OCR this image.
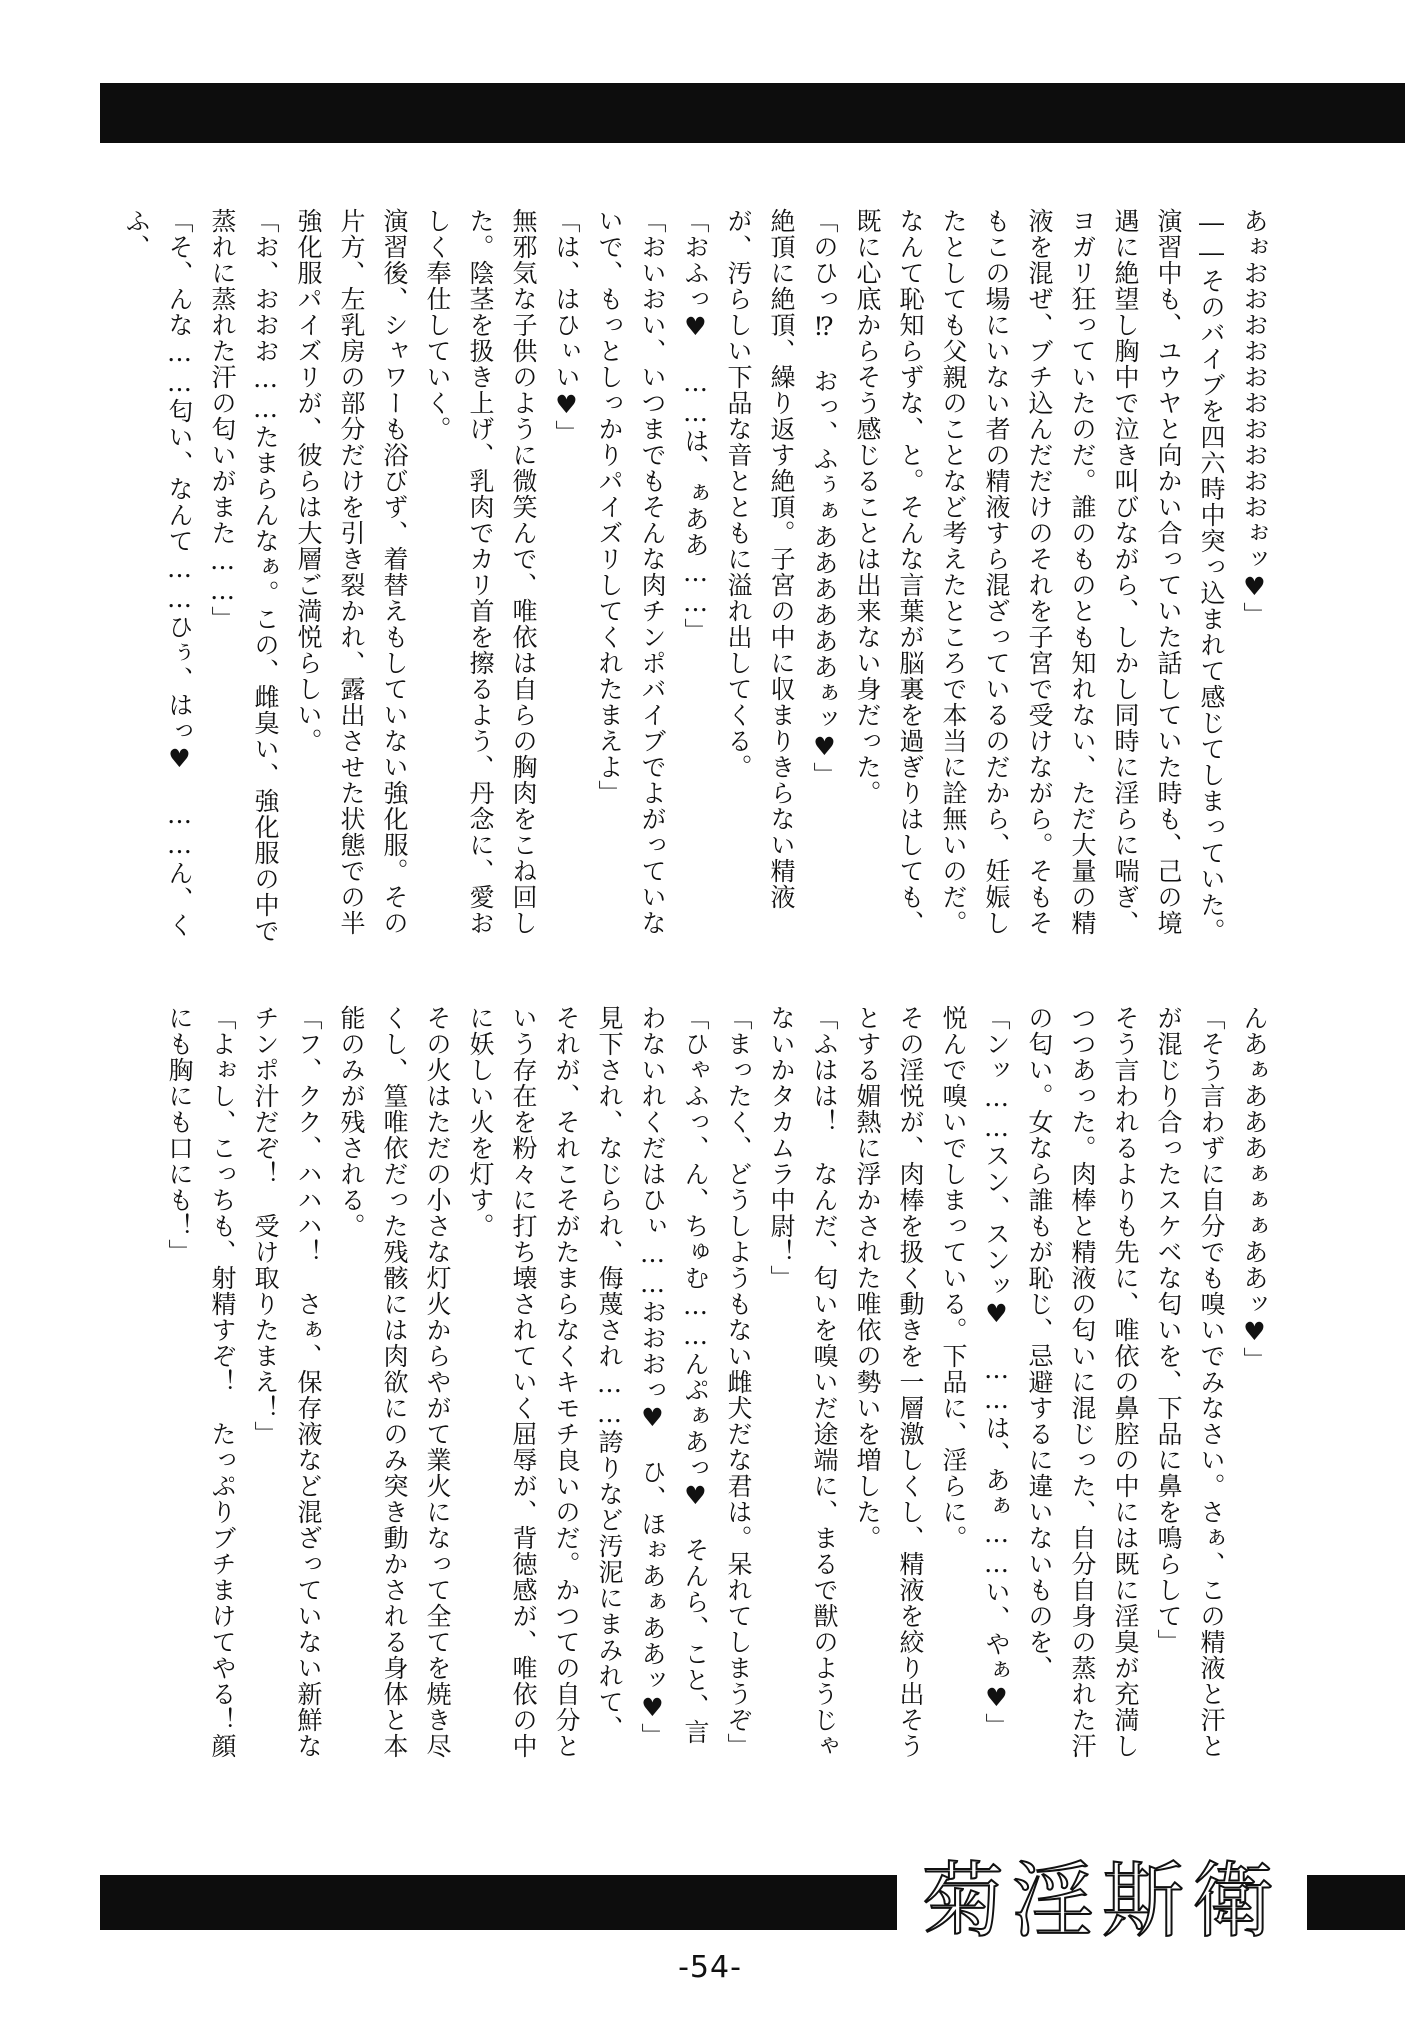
あぉおおおおおおおおおおぉッ♥」

――そのバイブを四六時中突っ込まれて感じてしまっていた。

演習中も、ユウヤと向かい合っていた話していた時も、己の境遇に絶望し胸中で泣き叫びながら、しかし同時に淫らに喘ぎ、ヨガリ狂っていたのだ。誰のものとも知れない、ただ大量の精液を混ぜ、ブチ込んだだけのそれを子宮で受けながら。そもそもこの場にいない者の精液すら混ざっているのだから、妊娠したとしても父親のことなど考えたところで本当に詮無いのだ。

なんて恥知らずな、と。そんな言葉が脳裏を過ぎりはしても、既に心底からそう感じることは出来ない身だった。

「のひっ⁉　おっ、ふぅぁああああああぁッ♥」

絶頂に絶頂、繰り返す絶頂。子宮の中に収まりきらない精液が、汚らしい下品な音とともに溢れ出してくる。

「おふっ♥　……は、ぁああ……」

「おいおい、いつまでもそんな肉チンポバイブでよがっていないで、もっとしっかりパイズリしてくれたまえよ」

「は、はひぃい♥」

無邪気な子供のように微笑んで、唯依は自らの胸肉をこね回した。陰茎を扱き上げ、乳肉でカリ首を擦るよう、丹念に、愛おしく奉仕していく。

演習後、シャワーも浴びず、着替えもしていない強化服。その片方、左乳房の部分だけを引き裂かれ、露出させた状態での半強化服パイズリが、彼らは大層ご満悦らしい。

「お、おおお……たまらんなぁ。この、雌臭い、強化服の中で蒸れに蒸れた汗の匂いがまた……」

「そ、んな……匂い、なんて……ひぅ、はっ♥　……ん、くふ、

んあぁあああぁぁぁああッ♥」

「そう言わずに自分でも嗅いでみなさい。さぁ、この精液と汗とが混じり合ったスケベな匂いを、下品に鼻を鳴らして」

そう言われるよりも先に、唯依の鼻腔の中には既に淫臭が充満しつつあった。肉棒と精液の匂いに混じった、自分自身の蒸れた汗の匂い。女なら誰もが恥じ、忌避するに違いないものを、

「ンッ……スン、スンッ♥　……は、あぁ……い、やぁ♥」

悦んで嗅いでしまっている。下品に、淫らに。

その淫悦が、肉棒を扱く動きを一層激しくし、精液を絞り出そうとする媚熱に浮かされた唯依の勢いを増した。

「ふはは！　なんだ、匂いを嗅いだ途端に、まるで獣のようじゃないかタカムラ中尉！」

「まったく、どうしようもない雌犬だな君は。呆れてしまうぞ」

「ひゃふっ、ん、ちゅむ……んぷぁあっ♥　そんら、こと、言わないれくだはひぃ……おおおっ♥　ひ、ほぉあぁああッ♥」

見下され、なじられ、侮蔑され……誇りなど汚泥にまみれて、それが、それこそがたまらなくキモチ良いのだ。かつての自分という存在を粉々に打ち壊されていく屈辱が、背徳感が、唯依の中に妖しい火を灯す。

その火はただの小さな灯火からやがて業火になって全てを焼き尽くし、篁唯依だった残骸には肉欲にのみ突き動かされる身体と本能のみが残される。

「フ、クク、ハハハ！　さぁ、保存液など混ざっていない新鮮なチンポ汁だぞ！　受け取りたまえ！」

「よぉし、こっちも、射精すぞ！　たっぷりブチまけてやる！顔にも胸にも口にも！」

菊淫斯衛
-54-
